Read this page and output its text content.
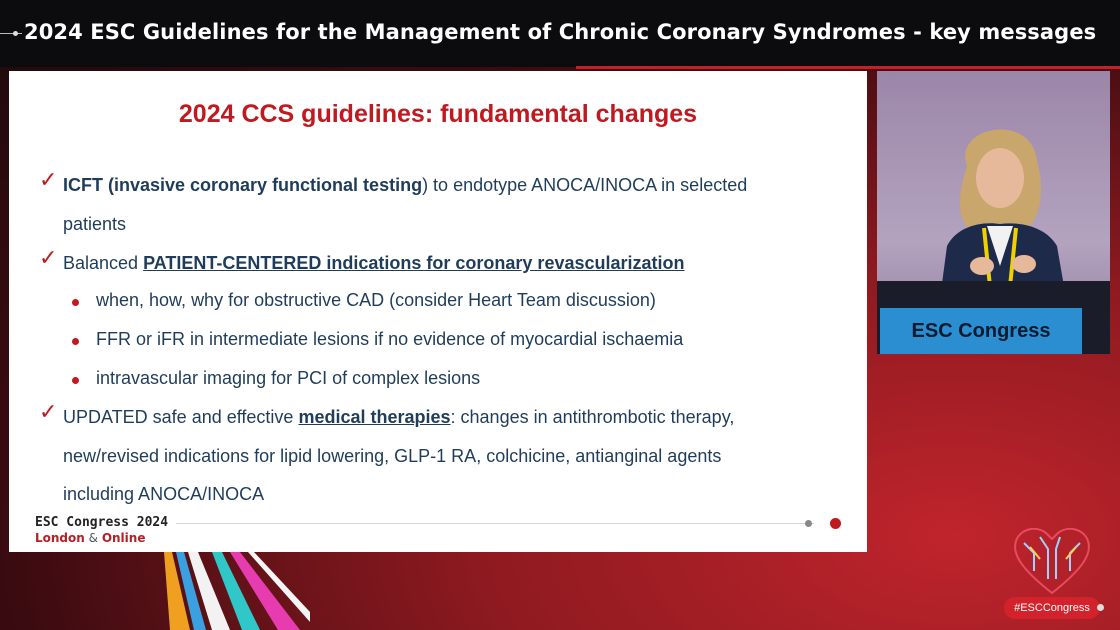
2024 ESC Guidelines for the Management of Chronic Coronary Syndromes - key messages
2024 CCS guidelines: fundamental changes
✓ ICFT (invasive coronary functional testing) to endotype ANOCA/INOCA in selected
patients
✓ Balanced PATIENT-CENTERED indications for coronary revascularization
when, how, why for obstructive CAD (consider Heart Team discussion)
FFR or iFR in intermediate lesions if no evidence of myocardial ischaemia
intravascular imaging for PCI of complex lesions
✓ UPDATED safe and effective medical therapies: changes in antithrombotic therapy,
new/revised indications for lipid lowering, GLP-1 RA, colchicine, antianginal agents
including ANOCA/INOCA
ESC Congress 2024
London & Online
ESC Congress
#ESCCongress
